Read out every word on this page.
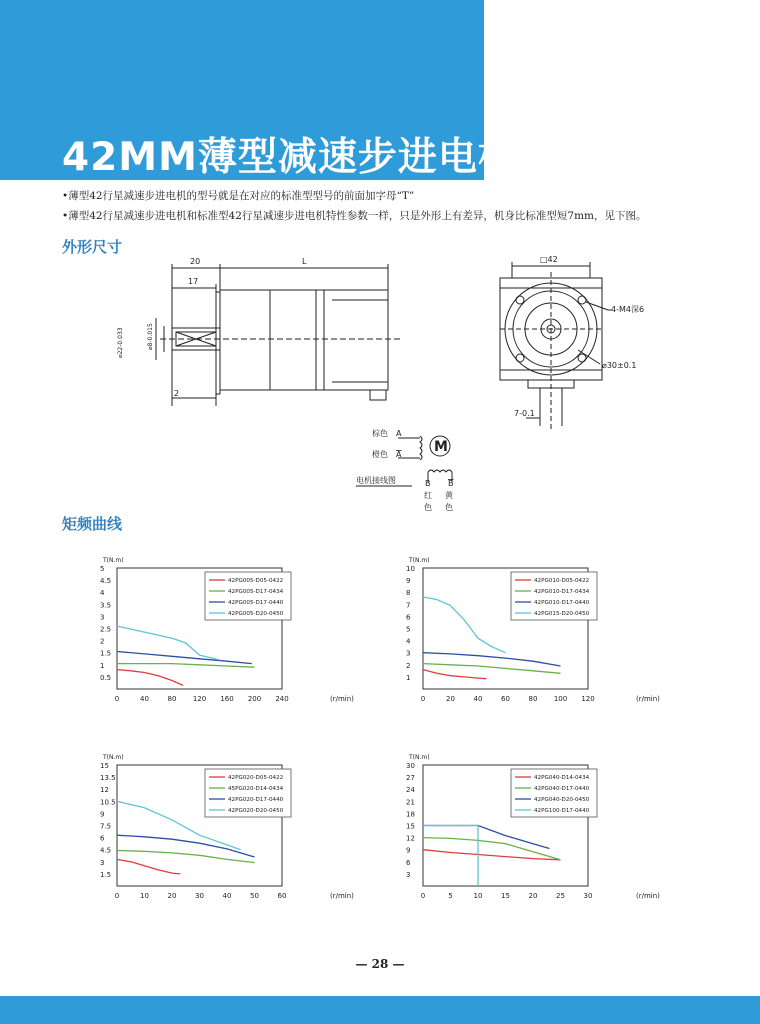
42MM薄型减速步进电机
•薄型42行星减速步进电机的型号就是在对应的标准型型号的前面加字母“T”
•薄型42行星减速步进电机和标准型42行星减速步进电机特性参数一样，只是外形上有差异，机身比标准型短7mm，见下图。
外形尺寸
矩频曲线
20	L
17
2
⌀22-0.033	⌀8-0.015
□42
4-M4深6
⌀30±0.1
7-0.1
棕色 A
橙色 A M
电机接线图	B B
红
色
黄
色
T(N.m)
(r/min)
0.5
1
1.5
2
2.5
3
3.5
4
4.5
5
0	40	80 120 160 200 240
42PG005-D05-0422
42PG005-D17-0434
42PG005-D17-0440
42PG005-D20-0450
T(N.m)
(r/min)
1
2
3
4
5
6
7
8
9
10
0	20	40	60	80 100 120
42PG010-D05-0422
42PG010-D17-0434
42PG010-D17-0440
42PG015-D20-0450
T(N.m)
(r/min)
1.5
3
4.5
6
7.5
9
10.5
12
13.5
15
0	10	20	30	40	50	60
42PG020-D05-0422
45PG020-D14-0434
42PG020-D17-0440
42PG020-D20-0450
T(N.m)
(r/min)
3
6
9
12
15
18
21
24
27
30
0	5	10	15	20	25	30
42PG040-D14-0434
42PG040-D17-0440
42PG040-D20-0450
42PG100-D17-0440
— 28 —
